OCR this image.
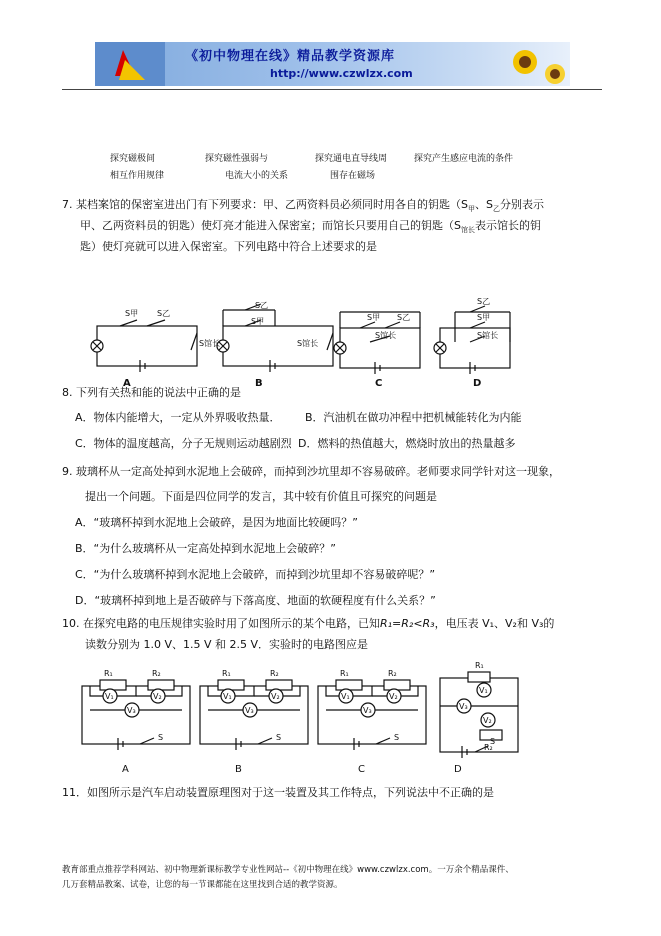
《初中物理在线》精品教学资源库
http://www.czwlzx.com
探究磁极间	探究磁性强弱与	探究通电直导线周	探究产生感应电流的条件
相互作用规律	电流大小的关系	围存在磁场
7. 某档案馆的保密室进出门有下列要求：甲、乙两资料员必须同时用各自的钥匙（$S_甲$、$S_乙$分别表示
甲、乙两资料员的钥匙）使灯亮才能进入保密室；而馆长只要用自己的钥匙（$S_{馆长}$表示馆长的钥
匙）使灯亮就可以进入保密室。下列电路中符合上述要求的是
S甲 S乙
S馆长
S乙
S甲
S馆长
S甲 S乙
S馆长
S乙
S甲
S馆长
A	B	C	D
8. 下列有关热和能的说法中正确的是
A．物体内能增大，一定从外界吸收热量． B．汽油机在做功冲程中把机械能转化为内能
C．物体的温度越高，分子无规则运动越剧烈 D．燃料的热值越大，燃烧时放出的热量越多
9. 玻璃杯从一定高处掉到水泥地上会破碎，而掉到沙坑里却不容易破碎。老师要求同学针对这一现象，
提出一个问题。下面是四位同学的发言，其中较有价值且可探究的问题是
A．“玻璃杯掉到水泥地上会破碎，是因为地面比较硬吗？”
B．“为什么玻璃杯从一定高处掉到水泥地上会破碎？”
C．“为什么玻璃杯掉到水泥地上会破碎，而掉到沙坑里却不容易破碎呢？”
D．“玻璃杯掉到地上是否破碎与下落高度、地面的软硬程度有什么关系？”
10. 在探究电路的电压规律实验时用了如图所示的某个电路，已知R₁=R₂<R₃，电压表 V₁、V₂和 V₃的
读数分别为 1.0 V、1.5 V 和 2.5 V．实验时的电路图应是
R₁	R₂
V₁	V₂
V₃
S
R₁	R₂
V₁	V₂
V₃
S
R₁	R₂
V₁	V₂
V₃
S
R₁
V₁
V₃
V₂
R₂
S
A	B	C	D
11．如图所示是汽车启动装置原理图对于这一装置及其工作特点，下列说法中不正确的是
教育部重点推荐学科网站、初中物理新课标教学专业性网站--《初中物理在线》www.czwlzx.com。一万余个精品课件、
几万套精品教案、试卷，让您的每一节课都能在这里找到合适的教学资源。
